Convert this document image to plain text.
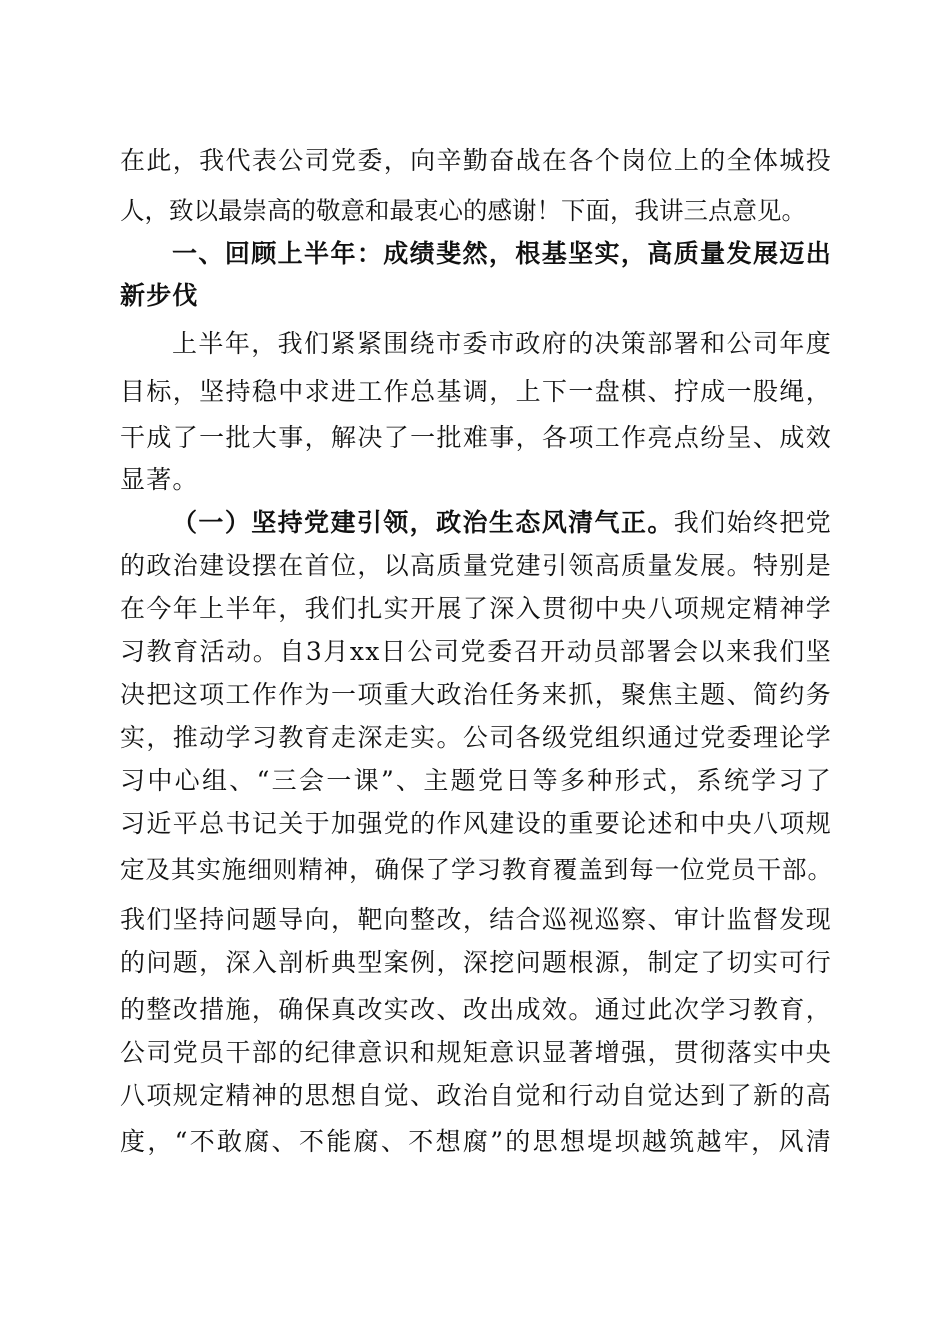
在此，我代表公司党委，向辛勤奋战在各个岗位上的全体城投
人，致以最崇高的敬意和最衷心的感谢！下面，我讲三点意见。
一、回顾上半年：成绩斐然，根基坚实，高质量发展迈出
新步伐
上半年，我们紧紧围绕市委市政府的决策部署和公司年度
目标，坚持稳中求进工作总基调，上下一盘棋、拧成一股绳，
干成了一批大事，解决了一批难事，各项工作亮点纷呈、成效
显著。
（一）坚持党建引领，政治生态风清气正。我们始终把党
的政治建设摆在首位，以高质量党建引领高质量发展。特别是
在今年上半年，我们扎实开展了深入贯彻中央八项规定精神学
习教育活动。自3月xx日公司党委召开动员部署会以来我们坚
决把这项工作作为一项重大政治任务来抓，聚焦主题、简约务
实，推动学习教育走深走实。公司各级党组织通过党委理论学
习中心组、“三会一课”、主题党日等多种形式，系统学习了
习近平总书记关于加强党的作风建设的重要论述和中央八项规
定及其实施细则精神，确保了学习教育覆盖到每一位党员干部。
我们坚持问题导向，靶向整改，结合巡视巡察、审计监督发现
的问题，深入剖析典型案例，深挖问题根源，制定了切实可行
的整改措施，确保真改实改、改出成效。通过此次学习教育，
公司党员干部的纪律意识和规矩意识显著增强，贯彻落实中央
八项规定精神的思想自觉、政治自觉和行动自觉达到了新的高
度，“不敢腐、不能腐、不想腐”的思想堤坝越筑越牢，风清
